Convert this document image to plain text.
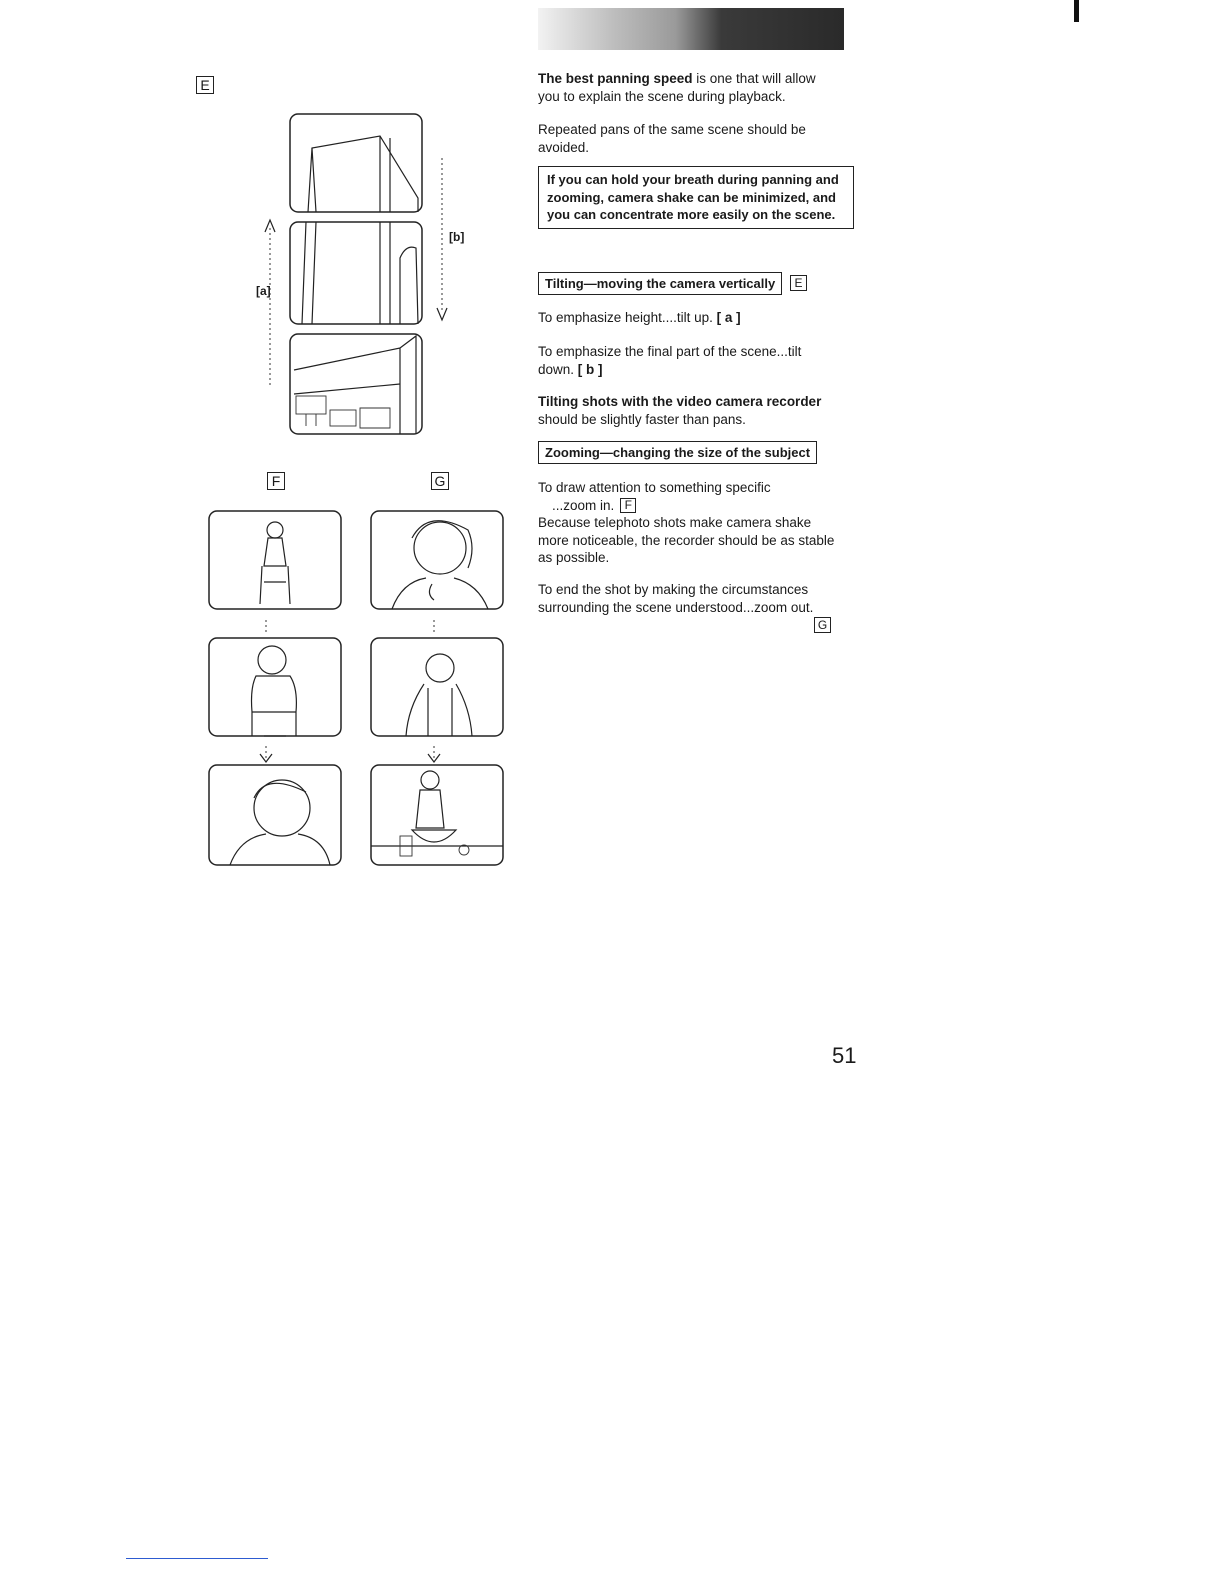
E
F	G
[a]
[b]
The best panning speed is one that will allow you to explain the scene during playback.
Repeated pans of the same scene should be avoided.
If you can hold your breath during panning and zooming, camera shake can be minimized, and you can concentrate more easily on the scene.
Tilting—moving the camera vertically	E
To emphasize height....tilt up. [ a ]
To emphasize the final part of the scene...tilt down. [ b ]
Tilting shots with the video camera recorder should be slightly faster than pans.
Zooming—changing the size of the subject
To draw attention to something specific
...zoom in. F
Because telephoto shots make camera shake more noticeable, the recorder should be as stable as possible.
To end the shot by making the circumstances surrounding the scene understood...zoom out.
G
51
